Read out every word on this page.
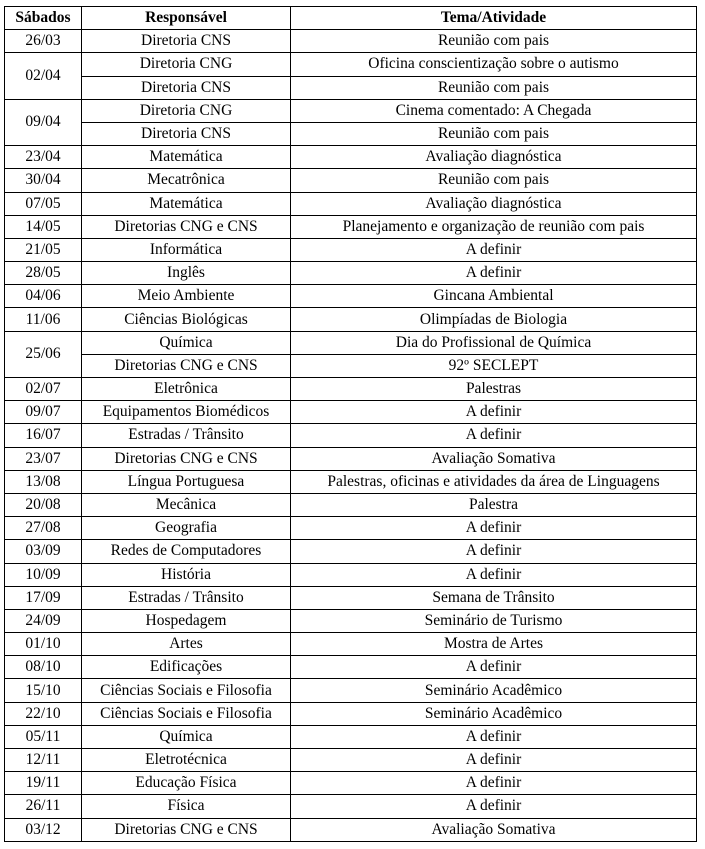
Sábados	Responsável	Tema/Atividade
26/03	Diretoria CNS	Reunião com pais
02/04	Diretoria CNG	Oficina conscientização sobre o autismo
	Diretoria CNS	Reunião com pais
09/04	Diretoria CNG	Cinema comentado: A Chegada
	Diretoria CNS	Reunião com pais
23/04	Matemática	Avaliação diagnóstica
30/04	Mecatrônica	Reunião com pais
07/05	Matemática	Avaliação diagnóstica
14/05	Diretorias CNG e CNS	Planejamento e organização de reunião com pais
21/05	Informática	A definir
28/05	Inglês	A definir
04/06	Meio Ambiente	Gincana Ambiental
11/06	Ciências Biológicas	Olimpíadas de Biologia
25/06	Química	Dia do Profissional de Química
	Diretorias CNG e CNS	92º SECLEPT
02/07	Eletrônica	Palestras
09/07	Equipamentos Biomédicos	A definir
16/07	Estradas / Trânsito	A definir
23/07	Diretorias CNG e CNS	Avaliação Somativa
13/08	Língua Portuguesa	Palestras, oficinas e atividades da área de Linguagens
20/08	Mecânica	Palestra
27/08	Geografia	A definir
03/09	Redes de Computadores	A definir
10/09	História	A definir
17/09	Estradas / Trânsito	Semana de Trânsito
24/09	Hospedagem	Seminário de Turismo
01/10	Artes	Mostra de Artes
08/10	Edificações	A definir
15/10	Ciências Sociais e Filosofia	Seminário Acadêmico
22/10	Ciências Sociais e Filosofia	Seminário Acadêmico
05/11	Química	A definir
12/11	Eletrotécnica	A definir
19/11	Educação Física	A definir
26/11	Física	A definir
03/12	Diretorias CNG e CNS	Avaliação Somativa
